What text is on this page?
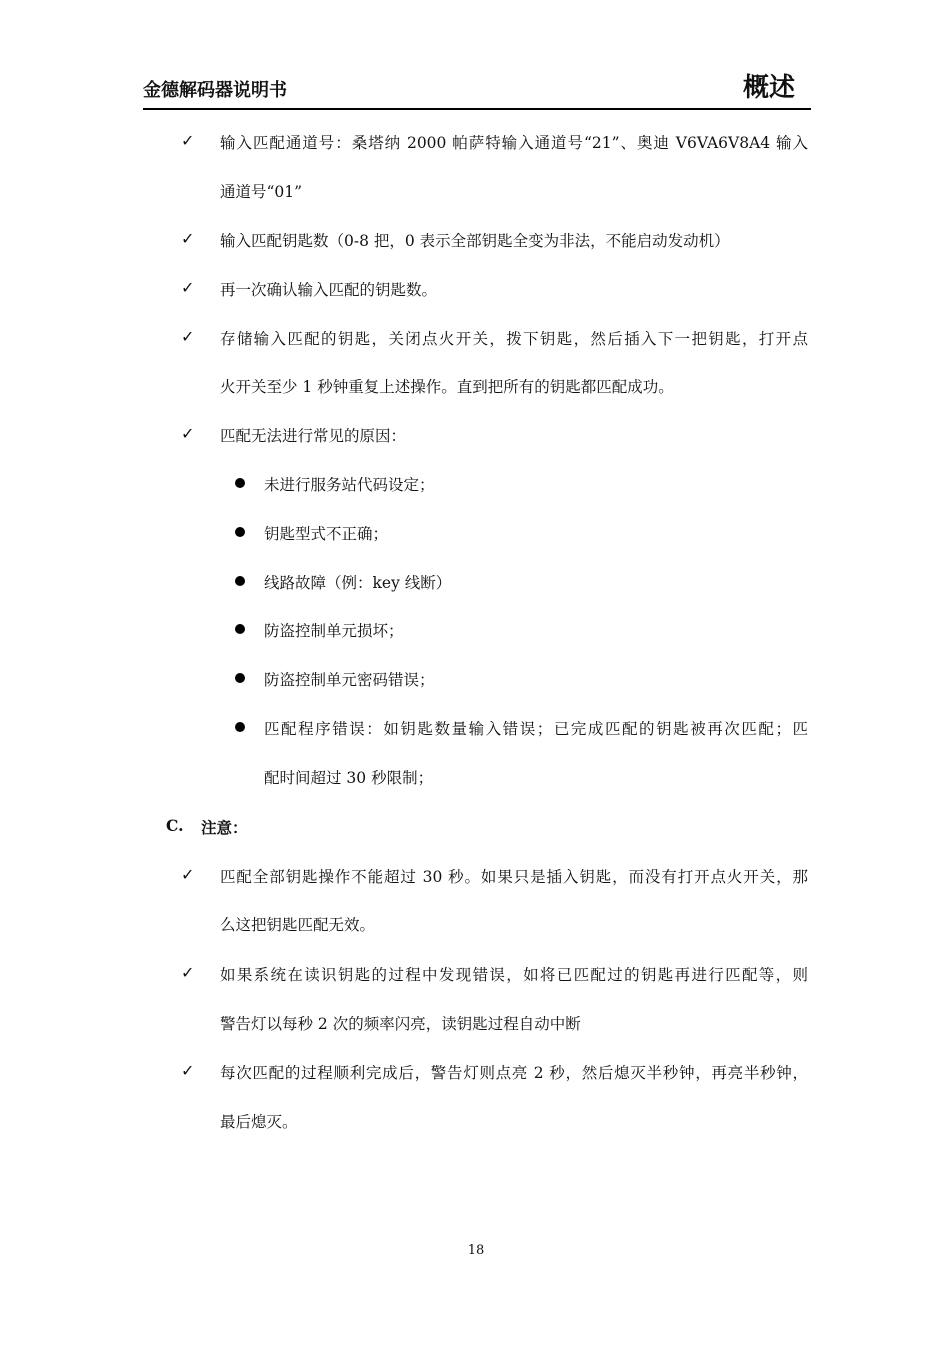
金德解码器说明书	概述
✓ 输入匹配通道号：桑塔纳 2000 帕萨特输入通道号“21”、奥迪 V6VA6V8A4 输入
通道号“01”
✓ 输入匹配钥匙数（0-8 把，0 表示全部钥匙全变为非法，不能启动发动机）
✓ 再一次确认输入匹配的钥匙数。
✓ 存储输入匹配的钥匙，关闭点火开关，拨下钥匙，然后插入下一把钥匙，打开点
火开关至少 1 秒钟重复上述操作。直到把所有的钥匙都匹配成功。
✓ 匹配无法进行常见的原因：
未进行服务站代码设定；
钥匙型式不正确；
线路故障（例：key 线断）
防盗控制单元损坏；
防盗控制单元密码错误；
匹配程序错误：如钥匙数量输入错误；已完成匹配的钥匙被再次匹配；匹
配时间超过 30 秒限制；
C. 注意：
✓ 匹配全部钥匙操作不能超过 30 秒。如果只是插入钥匙，而没有打开点火开关，那
么这把钥匙匹配无效。
✓ 如果系统在读识钥匙的过程中发现错误，如将已匹配过的钥匙再进行匹配等，则
警告灯以每秒 2 次的频率闪亮，读钥匙过程自动中断
✓ 每次匹配的过程顺利完成后，警告灯则点亮 2 秒，然后熄灭半秒钟，再亮半秒钟，
最后熄灭。
18
